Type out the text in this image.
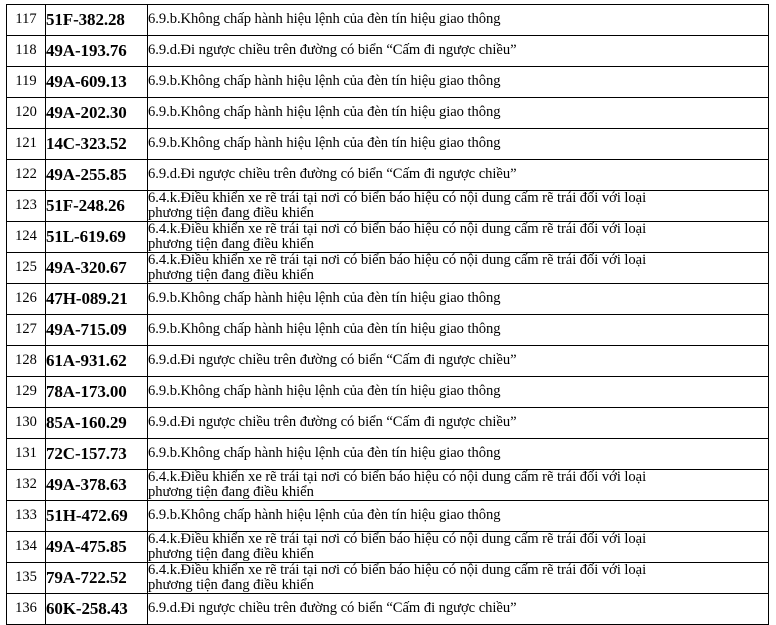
117	51F-382.28	6.9.b.Không chấp hành hiệu lệnh của đèn tín hiệu giao thông

118	49A-193.76	6.9.d.Đi ngược chiều trên đường có biển “Cấm đi ngược chiều”

119	49A-609.13	6.9.b.Không chấp hành hiệu lệnh của đèn tín hiệu giao thông

120	49A-202.30	6.9.b.Không chấp hành hiệu lệnh của đèn tín hiệu giao thông

121	14C-323.52	6.9.b.Không chấp hành hiệu lệnh của đèn tín hiệu giao thông

122	49A-255.85	6.9.d.Đi ngược chiều trên đường có biển “Cấm đi ngược chiều”

123	51F-248.26	6.4.k.Điều khiển xe rẽ trái tại nơi có biển báo hiệu có nội dung cấm rẽ trái đối với loại
phương tiện đang điều khiển

124	51L-619.69	6.4.k.Điều khiển xe rẽ trái tại nơi có biển báo hiệu có nội dung cấm rẽ trái đối với loại
phương tiện đang điều khiển

125	49A-320.67	6.4.k.Điều khiển xe rẽ trái tại nơi có biển báo hiệu có nội dung cấm rẽ trái đối với loại
phương tiện đang điều khiển

126	47H-089.21	6.9.b.Không chấp hành hiệu lệnh của đèn tín hiệu giao thông

127	49A-715.09	6.9.b.Không chấp hành hiệu lệnh của đèn tín hiệu giao thông

128	61A-931.62	6.9.d.Đi ngược chiều trên đường có biển “Cấm đi ngược chiều”

129	78A-173.00	6.9.b.Không chấp hành hiệu lệnh của đèn tín hiệu giao thông

130	85A-160.29	6.9.d.Đi ngược chiều trên đường có biển “Cấm đi ngược chiều”

131	72C-157.73	6.9.b.Không chấp hành hiệu lệnh của đèn tín hiệu giao thông

132	49A-378.63	6.4.k.Điều khiển xe rẽ trái tại nơi có biển báo hiệu có nội dung cấm rẽ trái đối với loại
phương tiện đang điều khiển

133	51H-472.69	6.9.b.Không chấp hành hiệu lệnh của đèn tín hiệu giao thông

134	49A-475.85	6.4.k.Điều khiển xe rẽ trái tại nơi có biển báo hiệu có nội dung cấm rẽ trái đối với loại
phương tiện đang điều khiển

135	79A-722.52	6.4.k.Điều khiển xe rẽ trái tại nơi có biển báo hiệu có nội dung cấm rẽ trái đối với loại
phương tiện đang điều khiển

136	60K-258.43	6.9.d.Đi ngược chiều trên đường có biển “Cấm đi ngược chiều”
